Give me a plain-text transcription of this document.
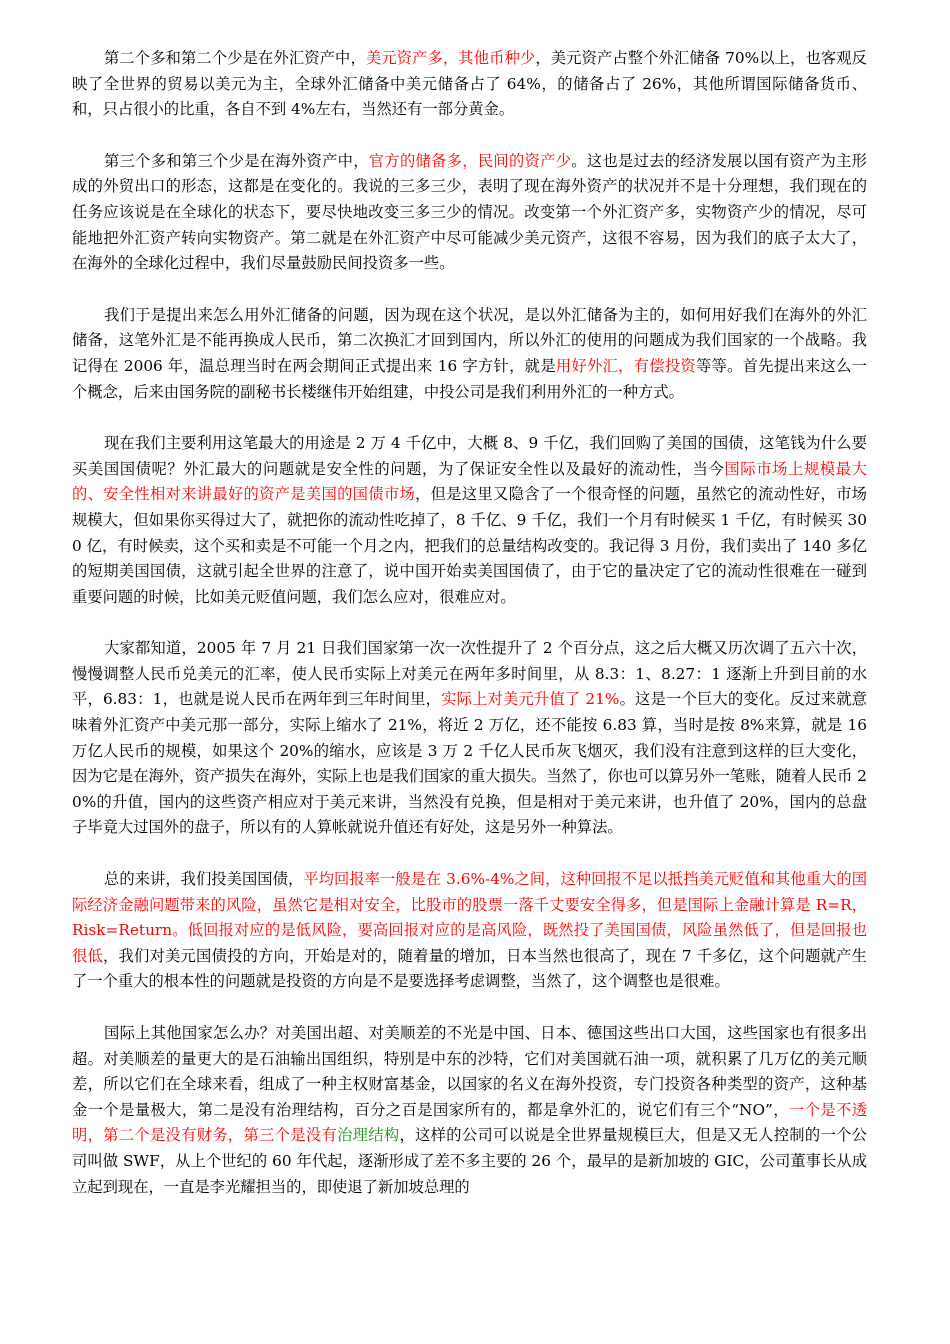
第二个多和第二个少是在外汇资产中，美元资产多，其他币种少，美元资产占整个外汇储备 70%以上，也客观反映了全世界的贸易以美元为主，全球外汇储备中美元储备占了 64%，的储备占了 26%，其他所谓国际储备货币、和，只占很小的比重，各自不到 4%左右，当然还有一部分黄金。

第三个多和第三个少是在海外资产中，官方的储备多，民间的资产少。这也是过去的经济发展以国有资产为主形成的外贸出口的形态，这都是在变化的。我说的三多三少，表明了现在海外资产的状况并不是十分理想，我们现在的任务应该说是在全球化的状态下，要尽快地改变三多三少的情况。改变第一个外汇资产多，实物资产少的情况，尽可能地把外汇资产转向实物资产。第二就是在外汇资产中尽可能减少美元资产，这很不容易，因为我们的底子太大了，在海外的全球化过程中，我们尽量鼓励民间投资多一些。

我们于是提出来怎么用外汇储备的问题，因为现在这个状况，是以外汇储备为主的，如何用好我们在海外的外汇储备，这笔外汇是不能再换成人民币，第二次换汇才回到国内，所以外汇的使用的问题成为我们国家的一个战略。我记得在 2006 年，温总理当时在两会期间正式提出来 16 字方针，就是用好外汇，有偿投资等等。首先提出来这么一个概念，后来由国务院的副秘书长楼继伟开始组建，中投公司是我们利用外汇的一种方式。

现在我们主要利用这笔最大的用途是 2 万 4 千亿中，大概 8、9 千亿，我们回购了美国的国债，这笔钱为什么要买美国国债呢？外汇最大的问题就是安全性的问题，为了保证安全性以及最好的流动性，当今国际市场上规模最大的、安全性相对来讲最好的资产是美国的国债市场，但是这里又隐含了一个很奇怪的问题，虽然它的流动性好，市场规模大，但如果你买得过大了，就把你的流动性吃掉了，8 千亿、9 千亿，我们一个月有时候买 1 千亿，有时候买 300 亿，有时候卖，这个买和卖是不可能一个月之内，把我们的总量结构改变的。我记得 3 月份，我们卖出了 140 多亿的短期美国国债，这就引起全世界的注意了，说中国开始卖美国国债了，由于它的量决定了它的流动性很难在一碰到重要问题的时候，比如美元贬值问题，我们怎么应对，很难应对。

大家都知道，2005 年 7 月 21 日我们国家第一次一次性提升了 2 个百分点，这之后大概又历次调了五六十次，慢慢调整人民币兑美元的汇率，使人民币实际上对美元在两年多时间里，从 8.3：1、8.27：1 逐渐上升到目前的水平，6.83：1，也就是说人民币在两年到三年时间里，实际上对美元升值了 21%。这是一个巨大的变化。反过来就意味着外汇资产中美元那一部分，实际上缩水了 21%，将近 2 万亿，还不能按 6.83 算，当时是按 8%来算，就是 16 万亿人民币的规模，如果这个 20%的缩水，应该是 3 万 2 千亿人民币灰飞烟灭，我们没有注意到这样的巨大变化，因为它是在海外，资产损失在海外，实际上也是我们国家的重大损失。当然了，你也可以算另外一笔账，随着人民币 20%的升值，国内的这些资产相应对于美元来讲，当然没有兑换，但是相对于美元来讲，也升值了 20%，国内的总盘子毕竟大过国外的盘子，所以有的人算帐就说升值还有好处，这是另外一种算法。

总的来讲，我们投美国国债，平均回报率一般是在 3.6%-4%之间，这种回报不足以抵挡美元贬值和其他重大的国际经济金融问题带来的风险，虽然它是相对安全，比股市的股票一落千丈要安全得多，但是国际上金融计算是 R=R，Risk=Return。低回报对应的是低风险，要高回报对应的是高风险，既然投了美国国债，风险虽然低了，但是回报也很低，我们对美元国债投的方向，开始是对的，随着量的增加，日本当然也很高了，现在 7 千多亿，这个问题就产生了一个重大的根本性的问题就是投资的方向是不是要选择考虑调整，当然了，这个调整也是很难。

国际上其他国家怎么办？对美国出超、对美顺差的不光是中国、日本、德国这些出口大国，这些国家也有很多出超。对美顺差的量更大的是石油输出国组织，特别是中东的沙特，它们对美国就石油一项，就积累了几万亿的美元顺差，所以它们在全球来看，组成了一种主权财富基金，以国家的名义在海外投资，专门投资各种类型的资产，这种基金一个是量极大，第二是没有治理结构，百分之百是国家所有的，都是拿外汇的，说它们有三个“NO”，一个是不透明，第二个是没有财务，第三个是没有治理结构，这样的公司可以说是全世界量规模巨大，但是又无人控制的一个公司叫做 SWF，从上个世纪的 60 年代起，逐渐形成了差不多主要的 26 个，最早的是新加坡的 GIC，公司董事长从成立起到现在，一直是李光耀担当的，即使退了新加坡总理的
